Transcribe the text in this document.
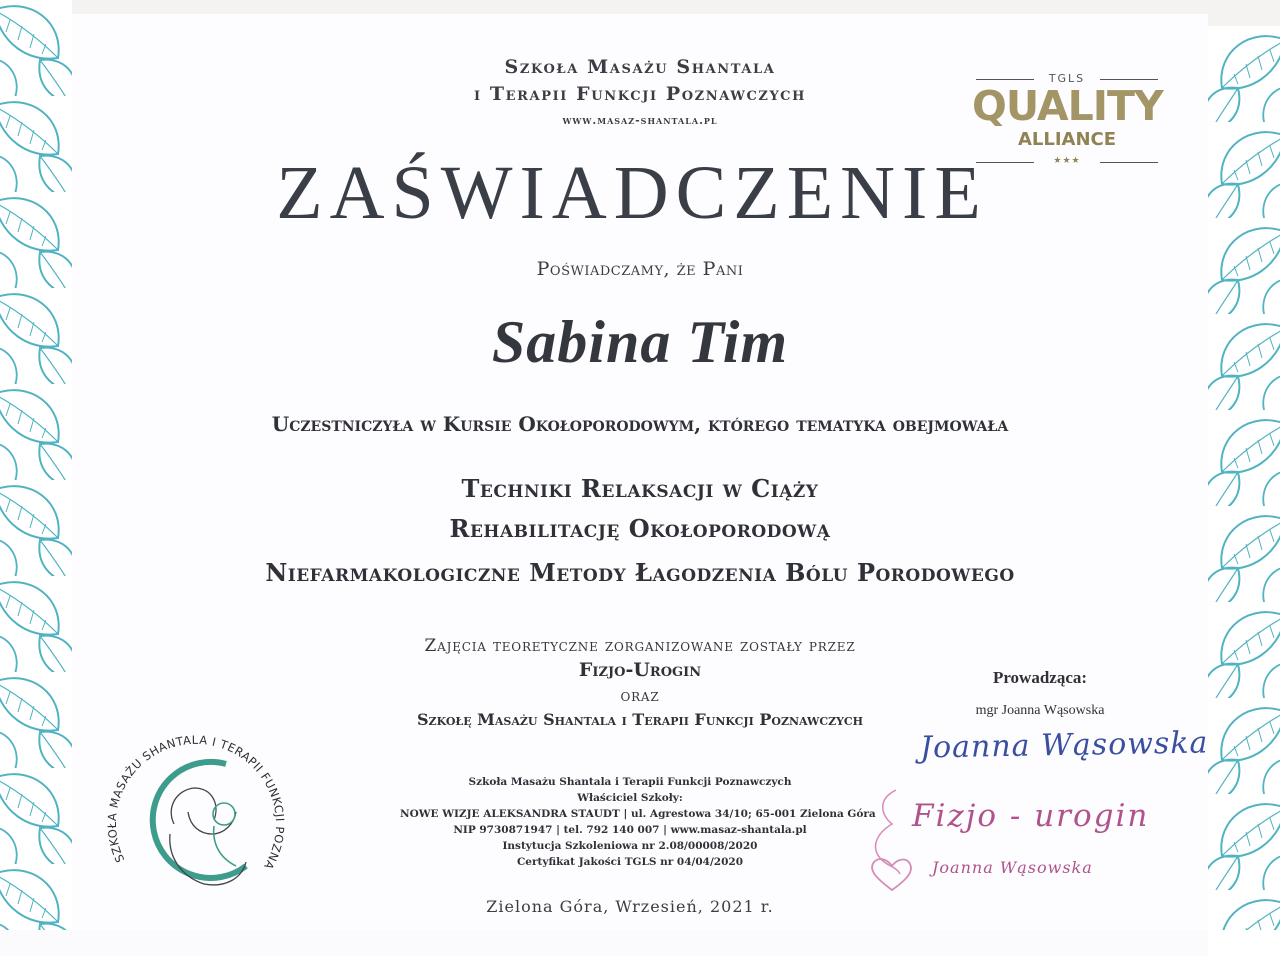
Szkoła Masażu Shantala
i Terapii Funkcji Poznawczych
www.masaz-shantala.pl
TGLS
QUALITY
ALLIANCE
★★★
ZAŚWIADCZENIE
Poświadczamy, że Pani
Sabina Tim
Uczestniczyła w Kursie Okołoporodowym, którego tematyka obejmowała
Techniki Relaksacji w Ciąży
Rehabilitację Okołoporodową
Niefarmakologiczne Metody Łagodzenia Bólu Porodowego
Zajęcia teoretyczne zorganizowane zostały przez
Fizjo-Urogin
oraz
Szkołę Masażu Shantala i Terapii Funkcji Poznawczych
Szkoła Masażu Shantala i Terapii Funkcji Poznawczych
Właściciel Szkoły:
NOWE WIZJE ALEKSANDRA STAUDT | ul. Agrestowa 34/10; 65-001 Zielona Góra
NIP 9730871947 | tel. 792 140 007 | www.masaz-shantala.pl
Instytucja Szkoleniowa nr 2.08/00008/2020
Certyfikat Jakości TGLS nr 04/04/2020
Zielona Góra, Wrzesień, 2021 r.
Prowadząca:
mgr Joanna Wąsowska
Joanna Wąsowska
Fizjo - urogin
Joanna Wąsowska
SZKOŁA MASAŻU SHANTALA I TERAPII FUNKCJI POZNA
